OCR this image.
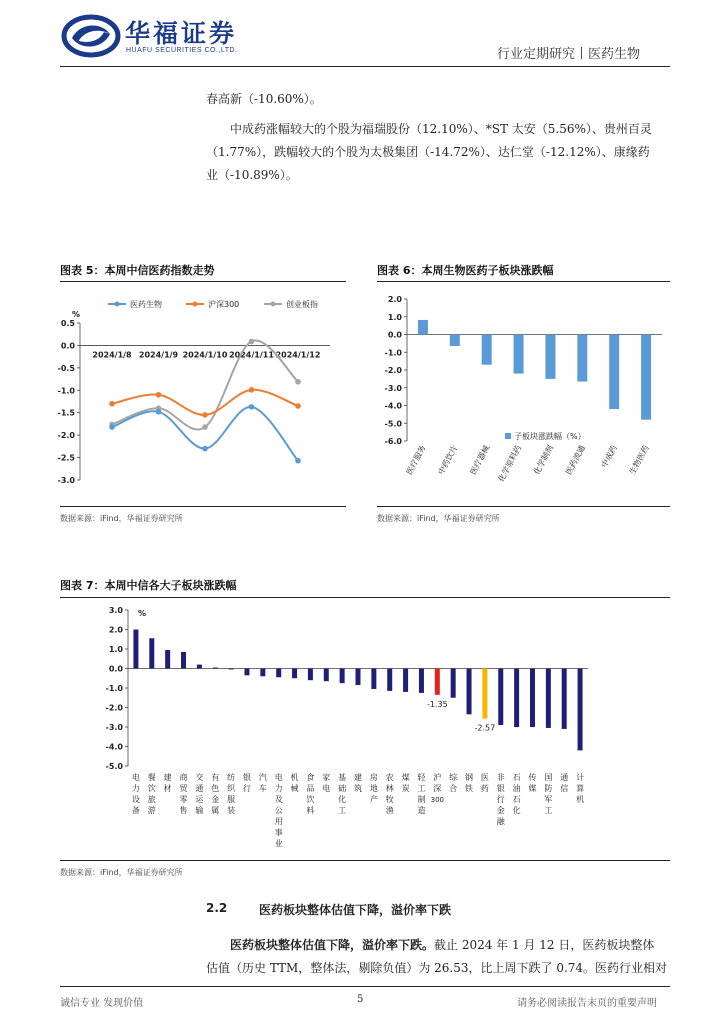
华福证券
HUAFU SECURITIES CO.,LTD.	行业定期研究丨医药生物
春高新（-10.60%）。
中成药涨幅较大的个股为福瑞股份（12.10%）、*ST 太安（5.56%）、贵州百灵
（1.77%），跌幅较大的个股为太极集团（-14.72%）、达仁堂（-12.12%）、康缘药
业（-10.89%）。
图表 5：本周中信医药指数走势
医药生物	沪深300	创业板指
%
0.5
0.0
-0.5
-1.0
-1.5
-2.0
-2.5
-3.0
2024/1/8 2024/1/9 2024/1/10 2024/1/11 2024/1/12
数据来源：iFind，华福证券研究所
图表 6：本周生物医药子板块涨跌幅
2.0
1.0
0.0
-1.0
-2.0
-3.0
-4.0
-5.0
-6.0
医疗服务 中药饮片 医疗器械 化学原料药 化学制剂 医药流通 中成药 生物医药
子板块涨跌幅（%）
数据来源：iFind，华福证券研究所
图表 7：本周中信各大子板块涨跌幅
%
3.0
2.0
1.0
0.0
-1.0
-2.0
-3.0
-4.0
-5.0
电力设备
餐饮旅游
建材
商贸零售
交通运输
有色金属
纺织服装
银行
汽车
电力及公用事业
机械
食品饮料
家电
基础化工
建筑
房地产
农林牧渔
煤炭
轻工制造
-1.35
沪深 300
综合
钢铁
-2.57
医药
非银行金融
石油石化
传媒
国防军工
通信
计算机
数据来源：iFind，华福证券研究所
2.2	医药板块整体估值下降，溢价率下跌
医药板块整体估值下降，溢价率下跌。截止 2024 年 1 月 12 日，医药板块整体
估值（历史 TTM，整体法，剔除负值）为 26.53，比上周下跌了 0.74。医药行业相对
诚信专业 发现价值	5	请务必阅读报告末页的重要声明
